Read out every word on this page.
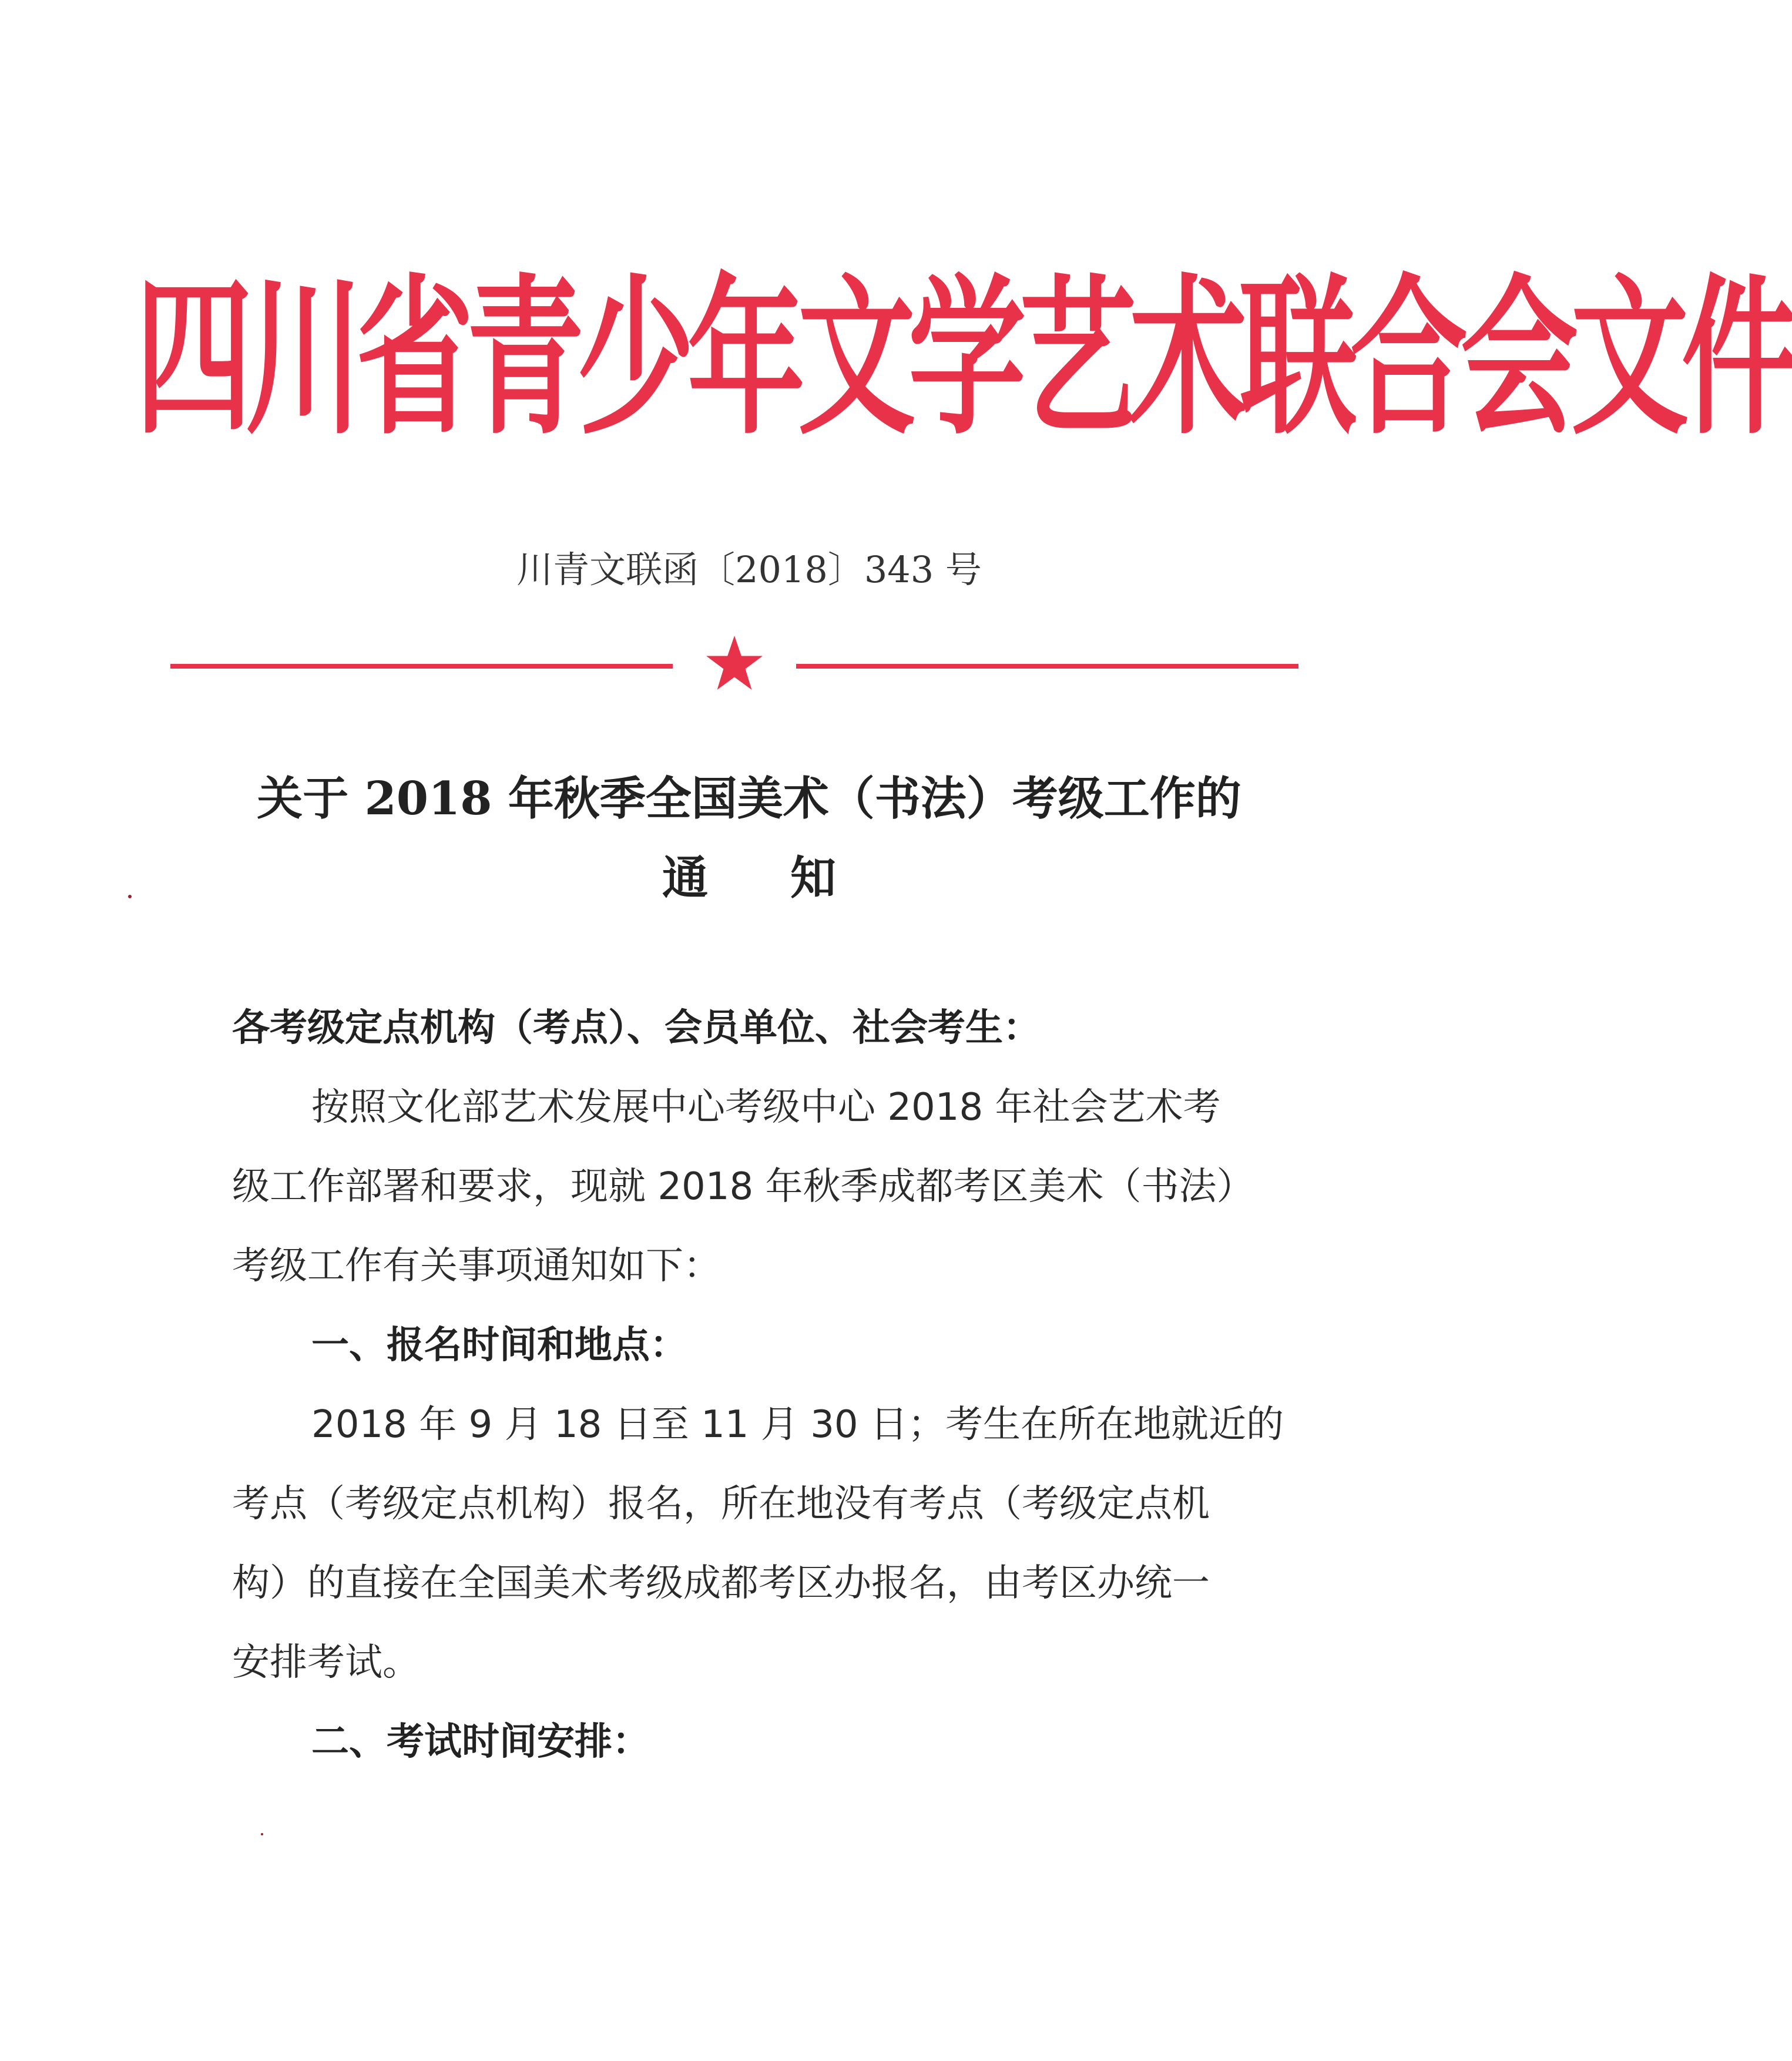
四川省青少年文学艺术联合会文件
川青文联函〔2018〕343 号
关于 2018 年秋季全国美术（书法）考级工作的
通知
各考级定点机构（考点）、会员单位、社会考生：
按照文化部艺术发展中心考级中心 2018 年社会艺术考
级工作部署和要求，现就 2018 年秋季成都考区美术（书法）
考级工作有关事项通知如下：
一、报名时间和地点：
2018 年 9 月 18 日至 11 月 30 日；考生在所在地就近的
考点（考级定点机构）报名，所在地没有考点（考级定点机
构）的直接在全国美术考级成都考区办报名，由考区办统一
安排考试。
二、考试时间安排：
